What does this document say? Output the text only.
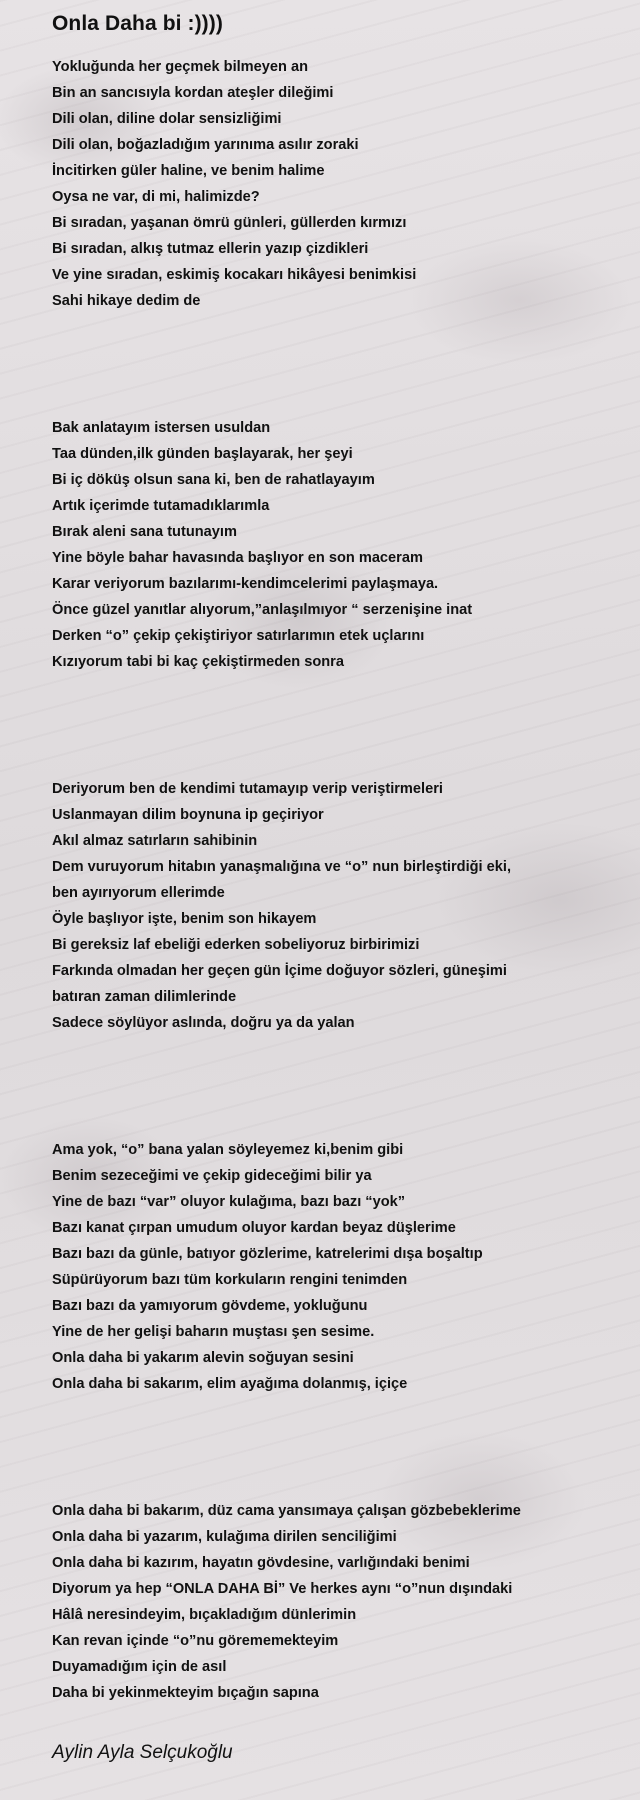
Onla Daha bi :))))
Yokluğunda her geçmek bilmeyen an
Bin an sancısıyla kordan ateşler dileğimi
Dili olan, diline dolar sensizliğimi
Dili olan, boğazladığım yarınıma asılır zoraki
İncitirken güler haline, ve benim halime
Oysa ne var, di mi, halimizde?
Bi sıradan, yaşanan ömrü günleri, güllerden kırmızı
Bi sıradan, alkış tutmaz ellerin yazıp çizdikleri
Ve yine sıradan, eskimiş kocakarı hikâyesi benimkisi
Sahi hikaye dedim de
Bak anlatayım istersen usuldan
Taa dünden,ilk günden başlayarak, her şeyi
Bi iç döküş olsun sana ki, ben de rahatlayayım
Artık içerimde tutamadıklarımla
Bırak aleni sana tutunayım
Yine böyle bahar havasında başlıyor en son maceram
Karar veriyorum bazılarımı-kendimcelerimi paylaşmaya.
Önce güzel yanıtlar alıyorum,”anlaşılmıyor “ serzenişine inat
Derken “o” çekip çekiştiriyor satırlarımın etek uçlarını
Kızıyorum tabi bi kaç çekiştirmeden sonra
Deriyorum ben de kendimi tutamayıp verip veriştirmeleri
Uslanmayan dilim boynuna ip geçiriyor
Akıl almaz satırların sahibinin
Dem vuruyorum hitabın yanaşmalığına ve “o” nun birleştirdiği eki,
ben ayırıyorum ellerimde
Öyle başlıyor işte, benim son hikayem
Bi gereksiz laf ebeliği ederken sobeliyoruz birbirimizi
Farkında olmadan her geçen gün İçime doğuyor sözleri, güneşimi
batıran zaman dilimlerinde
Sadece söylüyor aslında, doğru ya da yalan
Ama yok, “o” bana yalan söyleyemez ki,benim gibi
Benim sezeceğimi ve çekip gideceğimi bilir ya
Yine de bazı “var” oluyor kulağıma, bazı bazı “yok”
Bazı kanat çırpan umudum oluyor kardan beyaz düşlerime
Bazı bazı da günle, batıyor gözlerime, katrelerimi dışa boşaltıp
Süpürüyorum bazı tüm korkuların rengini tenimden
Bazı bazı da yamıyorum gövdeme, yokluğunu
Yine de her gelişi baharın muştası şen sesime.
Onla daha bi yakarım alevin soğuyan sesini
Onla daha bi sakarım, elim ayağıma dolanmış, içiçe
Onla daha bi bakarım, düz cama yansımaya çalışan gözbebeklerime
Onla daha bi yazarım, kulağıma dirilen senciliğimi
Onla daha bi kazırım, hayatın gövdesine, varlığındaki benimi
Diyorum ya hep “ONLA DAHA Bİ” Ve herkes aynı “o”nun dışındaki
Hâlâ neresindeyim, bıçakladığım dünlerimin
Kan revan içinde “o”nu görememekteyim
Duyamadığım için de asıl
Daha bi yekinmekteyim bıçağın sapına
Aylin Ayla Selçukoğlu
